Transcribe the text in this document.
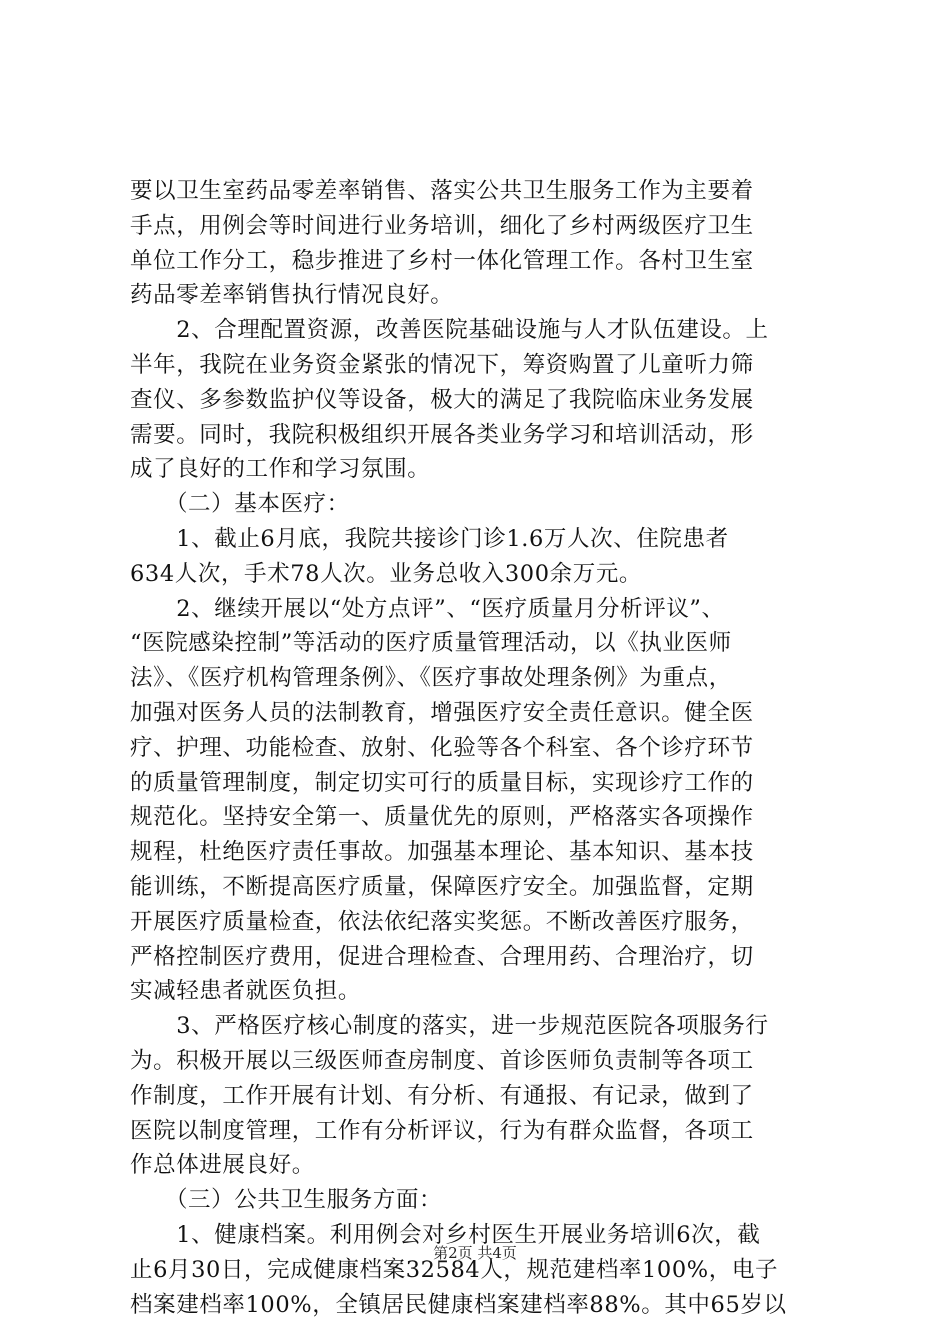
要以卫生室药品零差率销售、落实公共卫生服务工作为主要着
手点，用例会等时间进行业务培训，细化了乡村两级医疗卫生
单位工作分工，稳步推进了乡村一体化管理工作。各村卫生室
药品零差率销售执行情况良好。
　　2、合理配置资源，改善医院基础设施与人才队伍建设。上
半年，我院在业务资金紧张的情况下，筹资购置了儿童听力筛
查仪、多参数监护仪等设备，极大的满足了我院临床业务发展
需要。同时，我院积极组织开展各类业务学习和培训活动，形
成了良好的工作和学习氛围。
　　（二）基本医疗：
　　1、截止6月底，我院共接诊门诊1.6万人次、住院患者
634人次，手术78人次。业务总收入300余万元。
　　2、继续开展以“处方点评”、“医疗质量月分析评议”、
“医院感染控制”等活动的医疗质量管理活动，以《执业医师
法》、《医疗机构管理条例》、《医疗事故处理条例》为重点，
加强对医务人员的法制教育，增强医疗安全责任意识。健全医
疗、护理、功能检查、放射、化验等各个科室、各个诊疗环节
的质量管理制度，制定切实可行的质量目标，实现诊疗工作的
规范化。坚持安全第一、质量优先的原则，严格落实各项操作
规程，杜绝医疗责任事故。加强基本理论、基本知识、基本技
能训练，不断提高医疗质量，保障医疗安全。加强监督，定期
开展医疗质量检查，依法依纪落实奖惩。不断改善医疗服务，
严格控制医疗费用，促进合理检查、合理用药、合理治疗，切
实减轻患者就医负担。
　　3、严格医疗核心制度的落实，进一步规范医院各项服务行
为。积极开展以三级医师查房制度、首诊医师负责制等各项工
作制度，工作开展有计划、有分析、有通报、有记录，做到了
医院以制度管理，工作有分析评议，行为有群众监督，各项工
作总体进展良好。
　　（三）公共卫生服务方面：
　　1、健康档案。利用例会对乡村医生开展业务培训6次，截
止6月30日，完成健康档案32584人，规范建档率100%，电子
档案建档率100%，全镇居民健康档案建档率88%。其中65岁以
第2页 共4页
